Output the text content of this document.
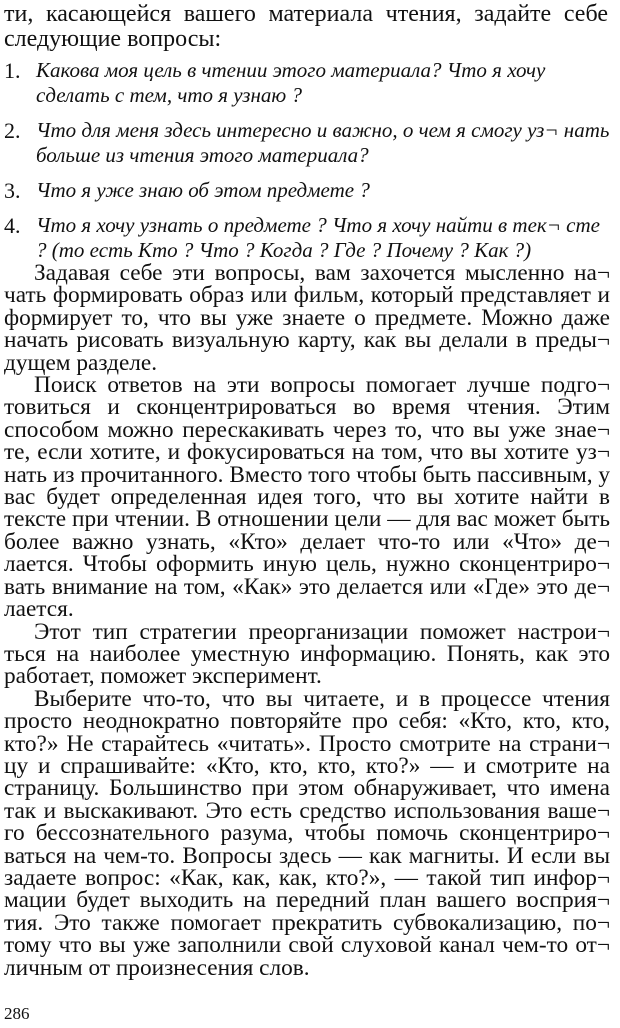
ти, касающейся вашего материала чтения, задайте себе следующие вопросы:

1. Какова моя цель в чтении этого материала? Что я хочу сделать с тем, что я узнаю ?
2. Что для меня здесь интересно и важно, о чем я смогу уз¬ нать больше из чтения этого материала?
3. Что я уже знаю об этом предмете ?
4. Что я хочу узнать о предмете ? Что я хочу найти в тек¬ сте ? (то есть Кто ? Что ? Когда ? Где ? Почему ? Как ?)

Задавая себе эти вопросы, вам захочется мысленно на¬ чать формировать образ или фильм, который представляет и формирует то, что вы уже знаете о предмете. Можно даже начать рисовать визуальную карту, как вы делали в преды¬ дущем разделе.

Поиск ответов на эти вопросы помогает лучше подго¬ товиться и сконцентрироваться во время чтения. Этим способом можно перескакивать через то, что вы уже знае¬ те, если хотите, и фокусироваться на том, что вы хотите уз¬ нать из прочитанного. Вместо того чтобы быть пассивным, у вас будет определенная идея того, что вы хотите найти в тексте при чтении. В отношении цели — для вас может быть более важно узнать, «Кто» делает что-то или «Что» де¬ лается. Чтобы оформить иную цель, нужно сконцентриро¬ вать внимание на том, «Как» это делается или «Где» это де¬ лается.

Этот тип стратегии преорганизации поможет настрои¬ ться на наиболее уместную информацию. Понять, как это работает, поможет эксперимент.

Выберите что-то, что вы читаете, и в процессе чтения просто неоднократно повторяйте про себя: «Кто, кто, кто, кто?» Не старайтесь «читать». Просто смотрите на страни¬ цу и спрашивайте: «Кто, кто, кто, кто?» — и смотрите на страницу. Большинство при этом обнаруживает, что имена так и выскакивают. Это есть средство использования ваше¬ го бессознательного разума, чтобы помочь сконцентриро¬ ваться на чем-то. Вопросы здесь — как магниты. И если вы задаете вопрос: «Как, как, как, кто?», — такой тип инфор¬ мации будет выходить на передний план вашего восприя¬ тия. Это также помогает прекратить субвокализацию, по¬ тому что вы уже заполнили свой слуховой канал чем-то от¬ личным от произнесения слов.

286
